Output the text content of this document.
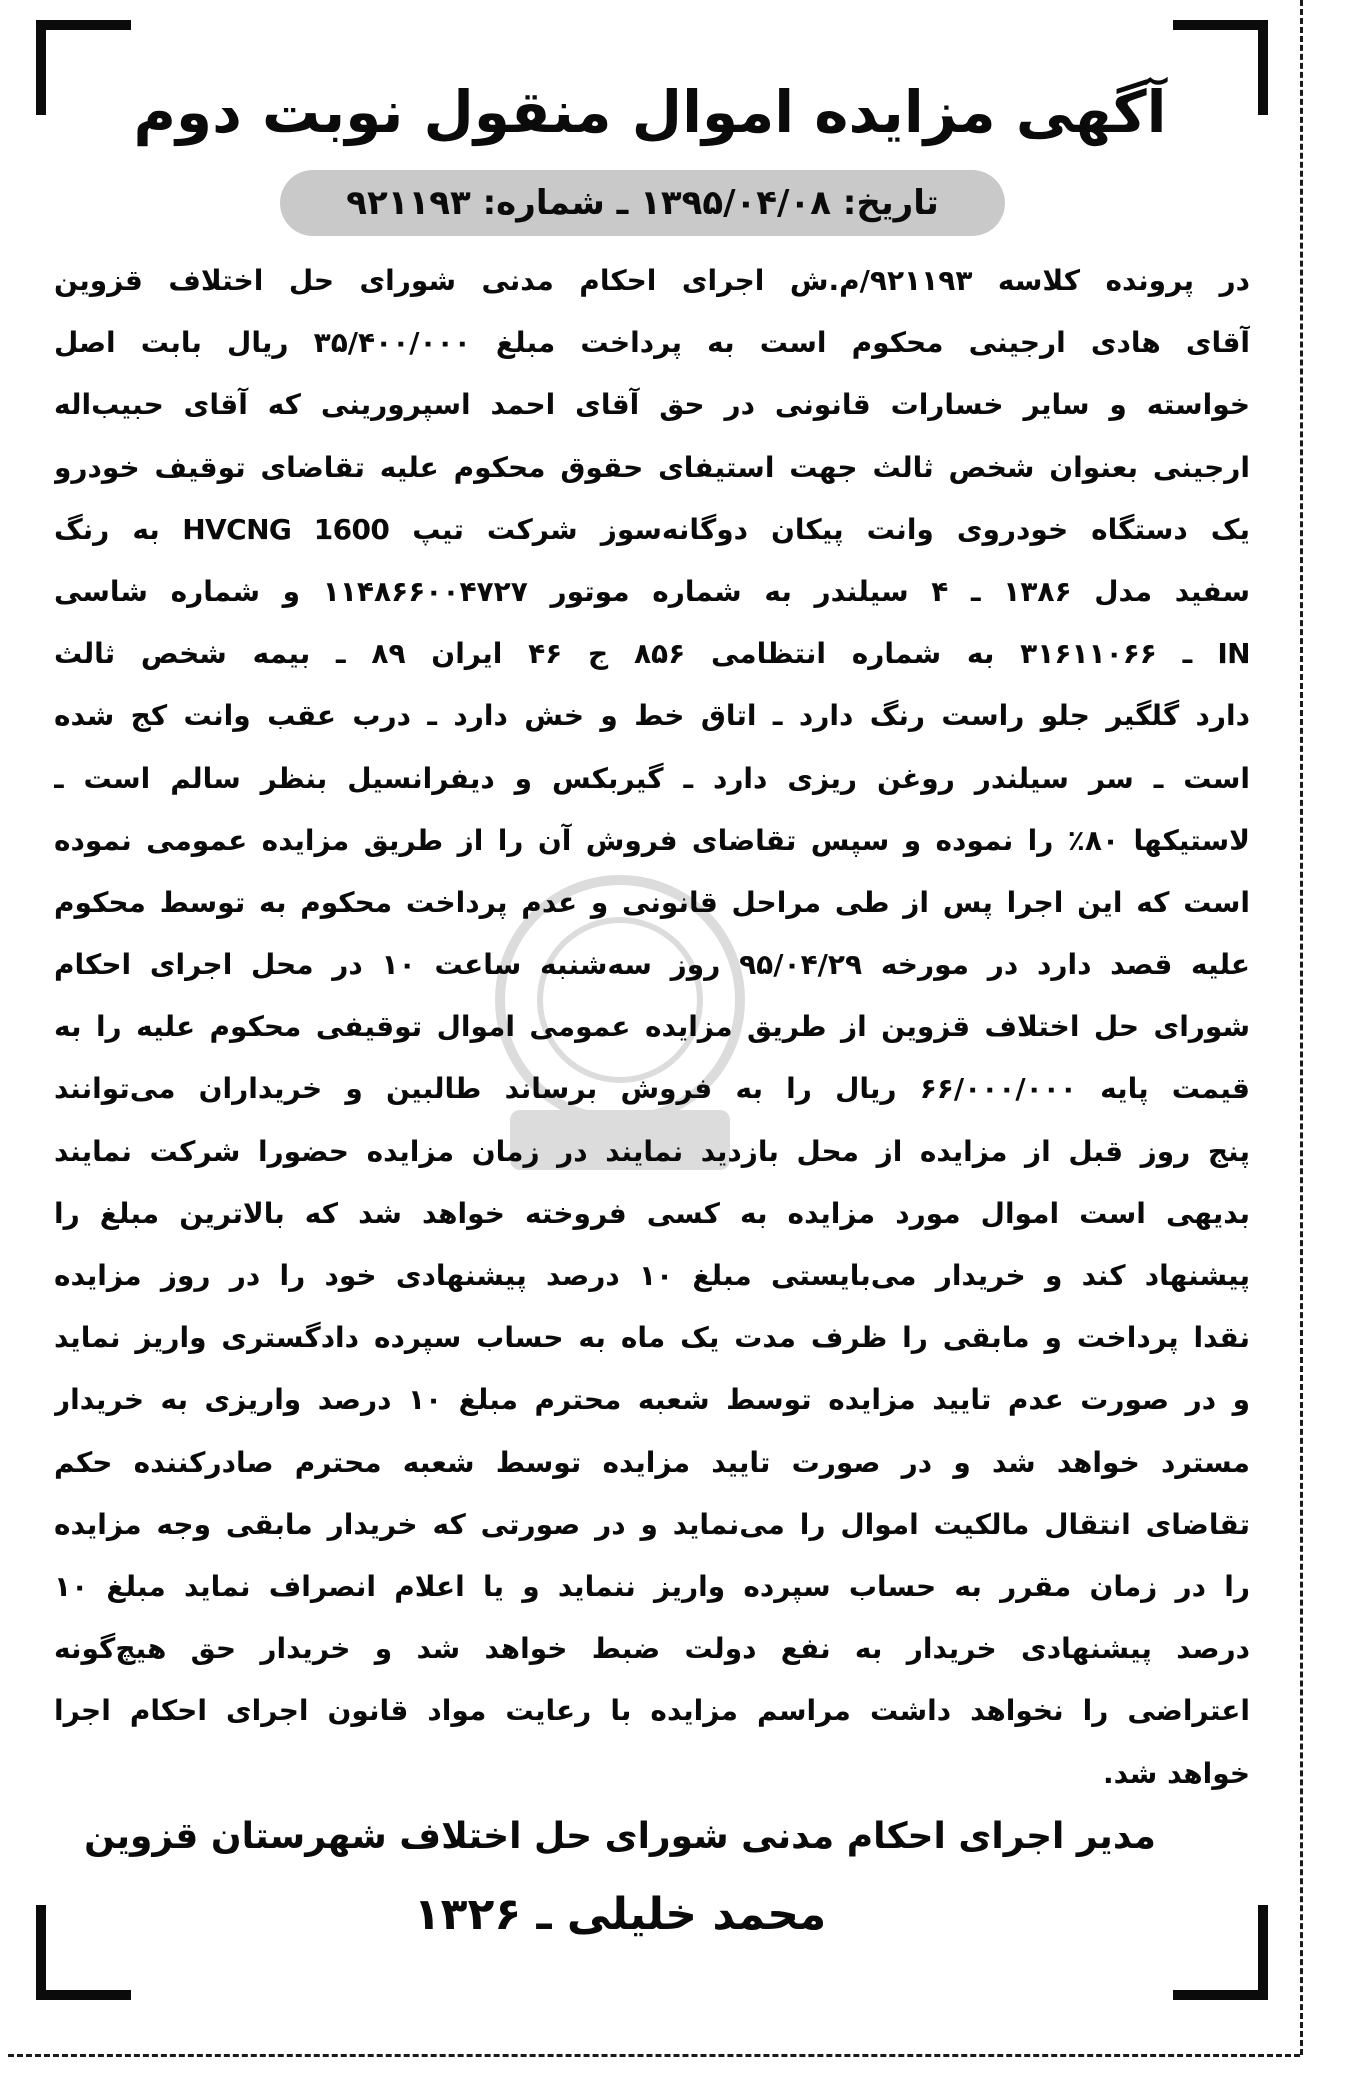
آگهی مزایده اموال منقول نوبت دوم
تاریخ: ۱۳۹۵/۰۴/۰۸ ـ شماره: ۹۲۱۱۹۳
در پرونده کلاسه ۹۲۱۱۹۳/م.ش اجرای احکام مدنی شورای حل اختلاف قزوین
آقای هادی ارجینی محکوم است به پرداخت مبلغ ۳۵/۴۰۰/۰۰۰ ریال بابت اصل
خواسته و سایر خسارات قانونی در حق آقای احمد اسپرورینی که آقای حبیب‌اله
ارجینی بعنوان شخص ثالث جهت استیفای حقوق محکوم علیه تقاضای توقیف خودرو
یک دستگاه خودروی وانت پیکان دوگانه‌سوز شرکت تیپ HVCNG 1600 به رنگ
سفید مدل ۱۳۸۶ ـ ۴ سیلندر به شماره موتور ۱۱۴۸۶۶۰۰۴۷۲۷ و شماره شاسی
IN ـ ۳۱۶۱۱۰۶۶ به شماره انتظامی ۸۵۶ ج ۴۶ ایران ۸۹ ـ بیمه شخص ثالث
دارد گلگیر جلو راست رنگ دارد ـ اتاق خط و خش دارد ـ درب عقب وانت کج شده
است ـ سر سیلندر روغن ریزی دارد ـ گیربکس و دیفرانسیل بنظر سالم است ـ
لاستیکها ۸۰٪ را نموده و سپس تقاضای فروش آن را از طریق مزایده عمومی نموده
است که این اجرا پس از طی مراحل قانونی و عدم پرداخت محکوم به توسط محکوم
علیه قصد دارد در مورخه ۹۵/۰۴/۲۹ روز سه‌شنبه ساعت ۱۰ در محل اجرای احکام
شورای حل اختلاف قزوین از طریق مزایده عمومی اموال توقیفی محکوم علیه را به
قیمت پایه ۶۶/۰۰۰/۰۰۰ ریال را به فروش برساند طالبین و خریداران می‌توانند
پنج روز قبل از مزایده از محل بازدید نمایند در زمان مزایده حضورا شرکت نمایند
بدیهی است اموال مورد مزایده به کسی فروخته خواهد شد که بالاترین مبلغ را
پیشنهاد کند و خریدار می‌بایستی مبلغ ۱۰ درصد پیشنهادی خود را در روز مزایده
نقدا پرداخت و مابقی را ظرف مدت یک ماه به حساب سپرده دادگستری واریز نماید
و در صورت عدم تایید مزایده توسط شعبه محترم مبلغ ۱۰ درصد واریزی به خریدار
مسترد خواهد شد و در صورت تایید مزایده توسط شعبه محترم صادرکننده حکم
تقاضای انتقال مالکیت اموال را می‌نماید و در صورتی که خریدار مابقی وجه مزایده
را در زمان مقرر به حساب سپرده واریز ننماید و یا اعلام انصراف نماید مبلغ ۱۰
درصد پیشنهادی خریدار به نفع دولت ضبط خواهد شد و خریدار حق هیچ‌گونه
اعتراضی را نخواهد داشت مراسم مزایده با رعایت مواد قانون اجرای احکام اجرا
خواهد شد.
مدیر اجرای احکام مدنی شورای حل اختلاف شهرستان قزوین
محمد خلیلی ـ ۱۳۲۶
